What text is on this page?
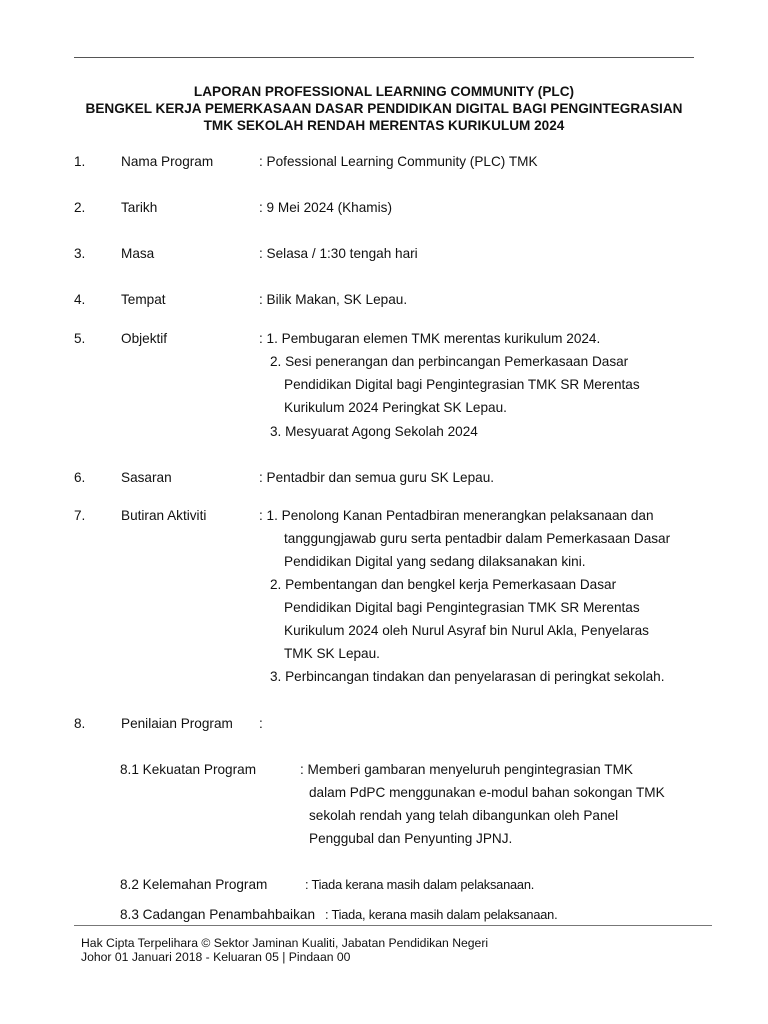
LAPORAN PROFESSIONAL LEARNING COMMUNITY (PLC)
BENGKEL KERJA PEMERKASAAN DASAR PENDIDIKAN DIGITAL BAGI PENGINTEGRASIAN
TMK SEKOLAH RENDAH MERENTAS KURIKULUM 2024
1.	Nama Program	: Pofessional Learning Community (PLC) TMK
2.	Tarikh	: 9 Mei 2024 (Khamis)
3.	Masa	: Selasa / 1:30 tengah hari
4.	Tempat	: Bilik Makan, SK Lepau.
5.	Objektif	: 1. Pembugaran elemen TMK merentas kurikulum 2024.
2. Sesi penerangan dan perbincangan Pemerkasaan Dasar
Pendidikan Digital bagi Pengintegrasian TMK SR Merentas
Kurikulum 2024 Peringkat SK Lepau.
3. Mesyuarat Agong Sekolah 2024
6.	Sasaran	: Pentadbir dan semua guru SK Lepau.
7.	Butiran Aktiviti	: 1. Penolong Kanan Pentadbiran menerangkan pelaksanaan dan
tanggungjawab guru serta pentadbir dalam Pemerkasaan Dasar
Pendidikan Digital yang sedang dilaksanakan kini.
2. Pembentangan dan bengkel kerja Pemerkasaan Dasar
Pendidikan Digital bagi Pengintegrasian TMK SR Merentas
Kurikulum 2024 oleh Nurul Asyraf bin Nurul Akla, Penyelaras
TMK SK Lepau.
3. Perbincangan tindakan dan penyelarasan di peringkat sekolah.
8.	Penilaian Program :
8.1 Kekuatan Program	: Memberi gambaran menyeluruh pengintegrasian TMK
dalam PdPC menggunakan e-modul bahan sokongan TMK
sekolah rendah yang telah dibangunkan oleh Panel
Penggubal dan Penyunting JPNJ.
8.2 Kelemahan Program	: Tiada kerana masih dalam pelaksanaan.
8.3 Cadangan Penambahbaikan : Tiada, kerana masih dalam pelaksanaan.
Hak Cipta Terpelihara © Sektor Jaminan Kualiti, Jabatan Pendidikan Negeri
Johor 01 Januari 2018 - Keluaran 05 | Pindaan 00
